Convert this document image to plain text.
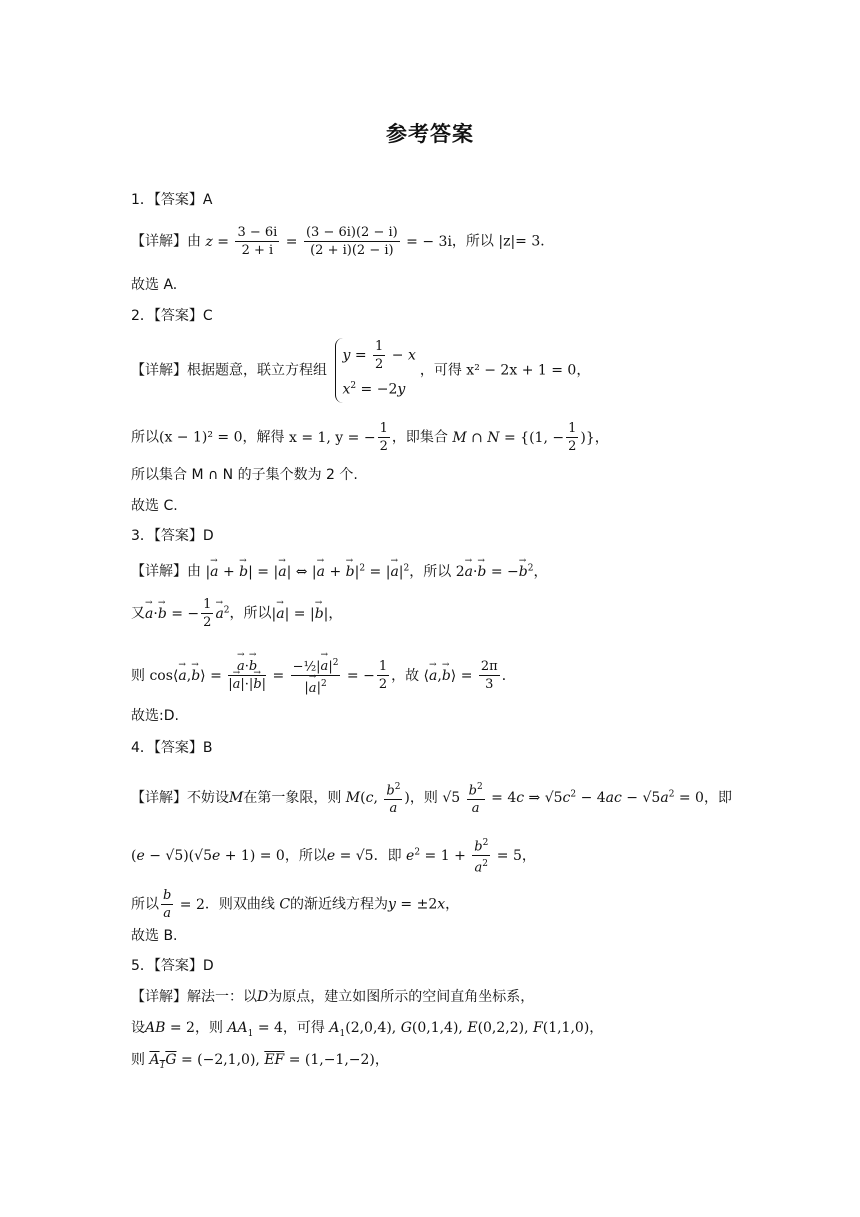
参考答案
1．【答案】A
【详解】由 $z = \frac{3 - 6i}{2 + i} = \frac{(3 - 6i)(2 - i)}{(2 + i)(2 - i)}$ = − 3i，所以 |z|= 3．
故选 A.
2．【答案】C
【详解】根据题意，联立方程组
$y = \frac{1}{2} - x$
$x^2 = -2y$
，可得 x² − 2x + 1 = 0，
所以(x − 1)² = 0，解得 x = 1, y = − $\frac{1}{2}$ ，即集合 M ∩ N = {(1, − $\frac{1}{2}$ )}，
所以集合 M ∩ N 的子集个数为 2 个.
故选 C.
3．【答案】D
【详解】由 |→ a + → b| = |→ a| ⇔ |→ a + → $b|^2$ = |→ $a|^2$，所以 2→ a·→ b = −→ $b^2$，
又→ a·→ b = − $\frac{1}{2} \to a^2$，所以|→ a| = |→ b|，
则 cos⟨→ a,→ b⟩ = → $\frac{a\cdot\to b}{|\to a|\cdot|\to b|} = \frac{-\frac{1}{2}|\to a|^2}{|\to a|^2}$ = − $\frac{1}{2}$ ，故 ⟨→ a,→ b⟩ = $\frac{2\pi}{3}$ ．
故选:D.
4．【答案】B
【详解】不妨设M在第一象限，则 M(c, $\frac{b^2}{a}$ )，则 $√5 \frac{b^2}{a} = 4c$ ⇒ $√5c^2 - 4ac - √5a^2 = 0$，即
(e − √5)(√5e + 1) = 0，所以e = √5．即 $e^2 = 1 + \frac{b^2}{a^2} = 5$，
所以 $\frac{b}{a} = 2$．则双曲线 C的渐近线方程为y = ±2x，
故选 B.
5．【答案】D
【详解】解法一：以D为原点，建立如图所示的空间直角坐标系，
设AB = 2，则 $AA_1 = 4$，可得 $A_1(2,0,4)$, G(0,1,4), E(0,2,2), F(1,1,0)，
则 $A_1G = (-2,1,0)$, $\overline{EF} = (1,-1,-2)$，
